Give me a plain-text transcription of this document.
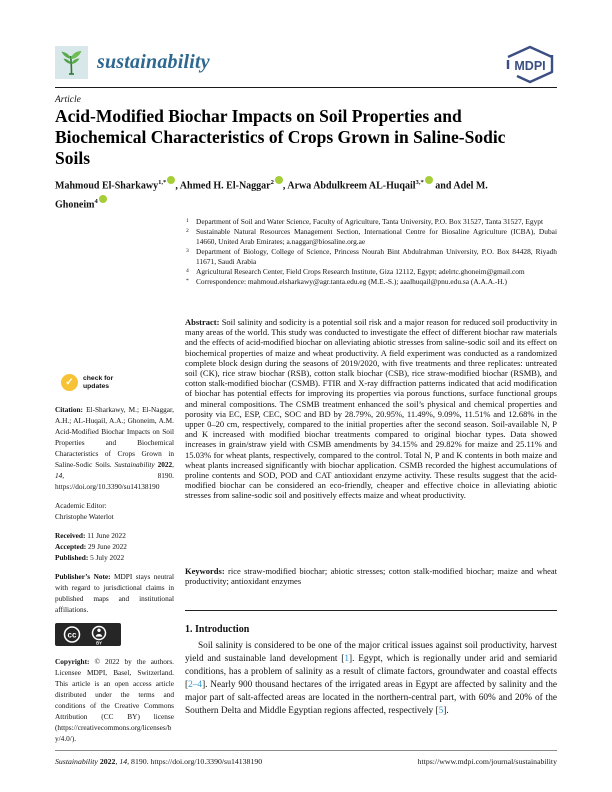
sustainability	MDPI
Article
Acid-Modified Biochar Impacts on Soil Properties and Biochemical Characteristics of Crops Grown in Saline-Sodic Soils
Mahmoud El-Sharkawy$^{1,*}$ , Ahmed H. El-Naggar$^2$ , Arwa Abdulkreem AL-Huqail$^{3,*}$ and Adel M. Ghoneim$^4$
1 Department of Soil and Water Science, Faculty of Agriculture, Tanta University, P.O. Box 31527, Tanta 31527, Egypt
2 Sustainable Natural Resources Management Section, International Centre for Biosaline Agriculture (ICBA), Dubai 14660, United Arab Emirates; a.naggar@biosaline.org.ae
3 Department of Biology, College of Science, Princess Nourah Bint Abdulrahman University, P.O. Box 84428, Riyadh 11671, Saudi Arabia
4 Agricultural Research Center, Field Crops Research Institute, Giza 12112, Egypt; adelrtc.ghoneim@gmail.com
* Correspondence: mahmoud.elsharkawy@agr.tanta.edu.eg (M.E.-S.); aaalhuqail@pnu.edu.sa (A.A.A.-H.)
Abstract: Soil salinity and sodicity is a potential soil risk and a major reason for reduced soil productivity in many areas of the world. This study was conducted to investigate the effect of different biochar raw materials and the effects of acid-modified biochar on alleviating abiotic stresses from saline-sodic soil and its effect on biochemical properties of maize and wheat productivity. A field experiment was conducted as a randomized complete block design during the seasons of 2019/2020, with five treatments and three replicates: untreated soil (CK), rice straw biochar (RSB), cotton stalk biochar (CSB), rice straw-modified biochar (RSMB), and cotton stalk-modified biochar (CSMB). FTIR and X-ray diffraction patterns indicated that acid modification of biochar has potential effects for improving its properties via porous functions, surface functional groups and mineral compositions. The CSMB treatment enhanced the soil’s physical and chemical properties and porosity via EC, ESP, CEC, SOC and BD by 28.79%, 20.95%, 11.49%, 9.09%, 11.51% and 12.68% in the upper 0–20 cm, respectively, compared to the initial properties after the second season. Soil-available N, P and K increased with modified biochar treatments compared to original biochar types. Data showed increases in grain/straw yield with CSMB amendments by 34.15% and 29.82% for maize and 25.11% and 15.03% for wheat plants, respectively, compared to the control. Total N, P and K contents in both maize and wheat plants increased significantly with biochar application. CSMB recorded the highest accumulations of proline contents and SOD, POD and CAT antioxidant enzyme activity. These results suggest that the acid-modified biochar can be considered an eco-friendly, cheaper and effective choice in alleviating abiotic stresses from saline-sodic soil and positively effects maize and wheat productivity.
Keywords: rice straw-modified biochar; abiotic stresses; cotton stalk-modified biochar; maize and wheat productivity; antioxidant enzymes
1. Introduction

Soil salinity is considered to be one of the major critical issues against soil productivity, harvest yield and sustainable land development [1]. Egypt, which is regionally under arid and semiarid conditions, has a problem of salinity as a result of climate factors, groundwater and coastal effects [2–4]. Nearly 900 thousand hectares of the irrigated areas in Egypt are affected by salinity and the major part of salt-affected areas are located in the northern-central part, with 60% and 20% of the Southern Delta and Middle Egyptian regions affected, respectively [5].

✓	check for
updates
Citation: El-Sharkawy, M.; El-Naggar, A.H.; AL-Huqail, A.A.; Ghoneim, A.M. Acid-Modified Biochar Impacts on Soil Properties and Biochemical Characteristics of Crops Grown in Saline-Sodic Soils. Sustainability 2022, 14, 8190. https://doi.org/10.3390/su14138190
Academic Editor:
Christophe Waterlot
Received: 11 June 2022
Accepted: 29 June 2022
Published: 5 July 2022
Publisher’s Note: MDPI stays neutral with regard to jurisdictional claims in published maps and institutional affiliations.
cc
BY
Copyright: © 2022 by the authors. Licensee MDPI, Basel, Switzerland. This article is an open access article distributed under the terms and conditions of the Creative Commons Attribution (CC BY) license (https://creativecommons.org/licenses/by/4.0/).
Sustainability 2022, 14, 8190. https://doi.org/10.3390/su14138190	https://www.mdpi.com/journal/sustainability
